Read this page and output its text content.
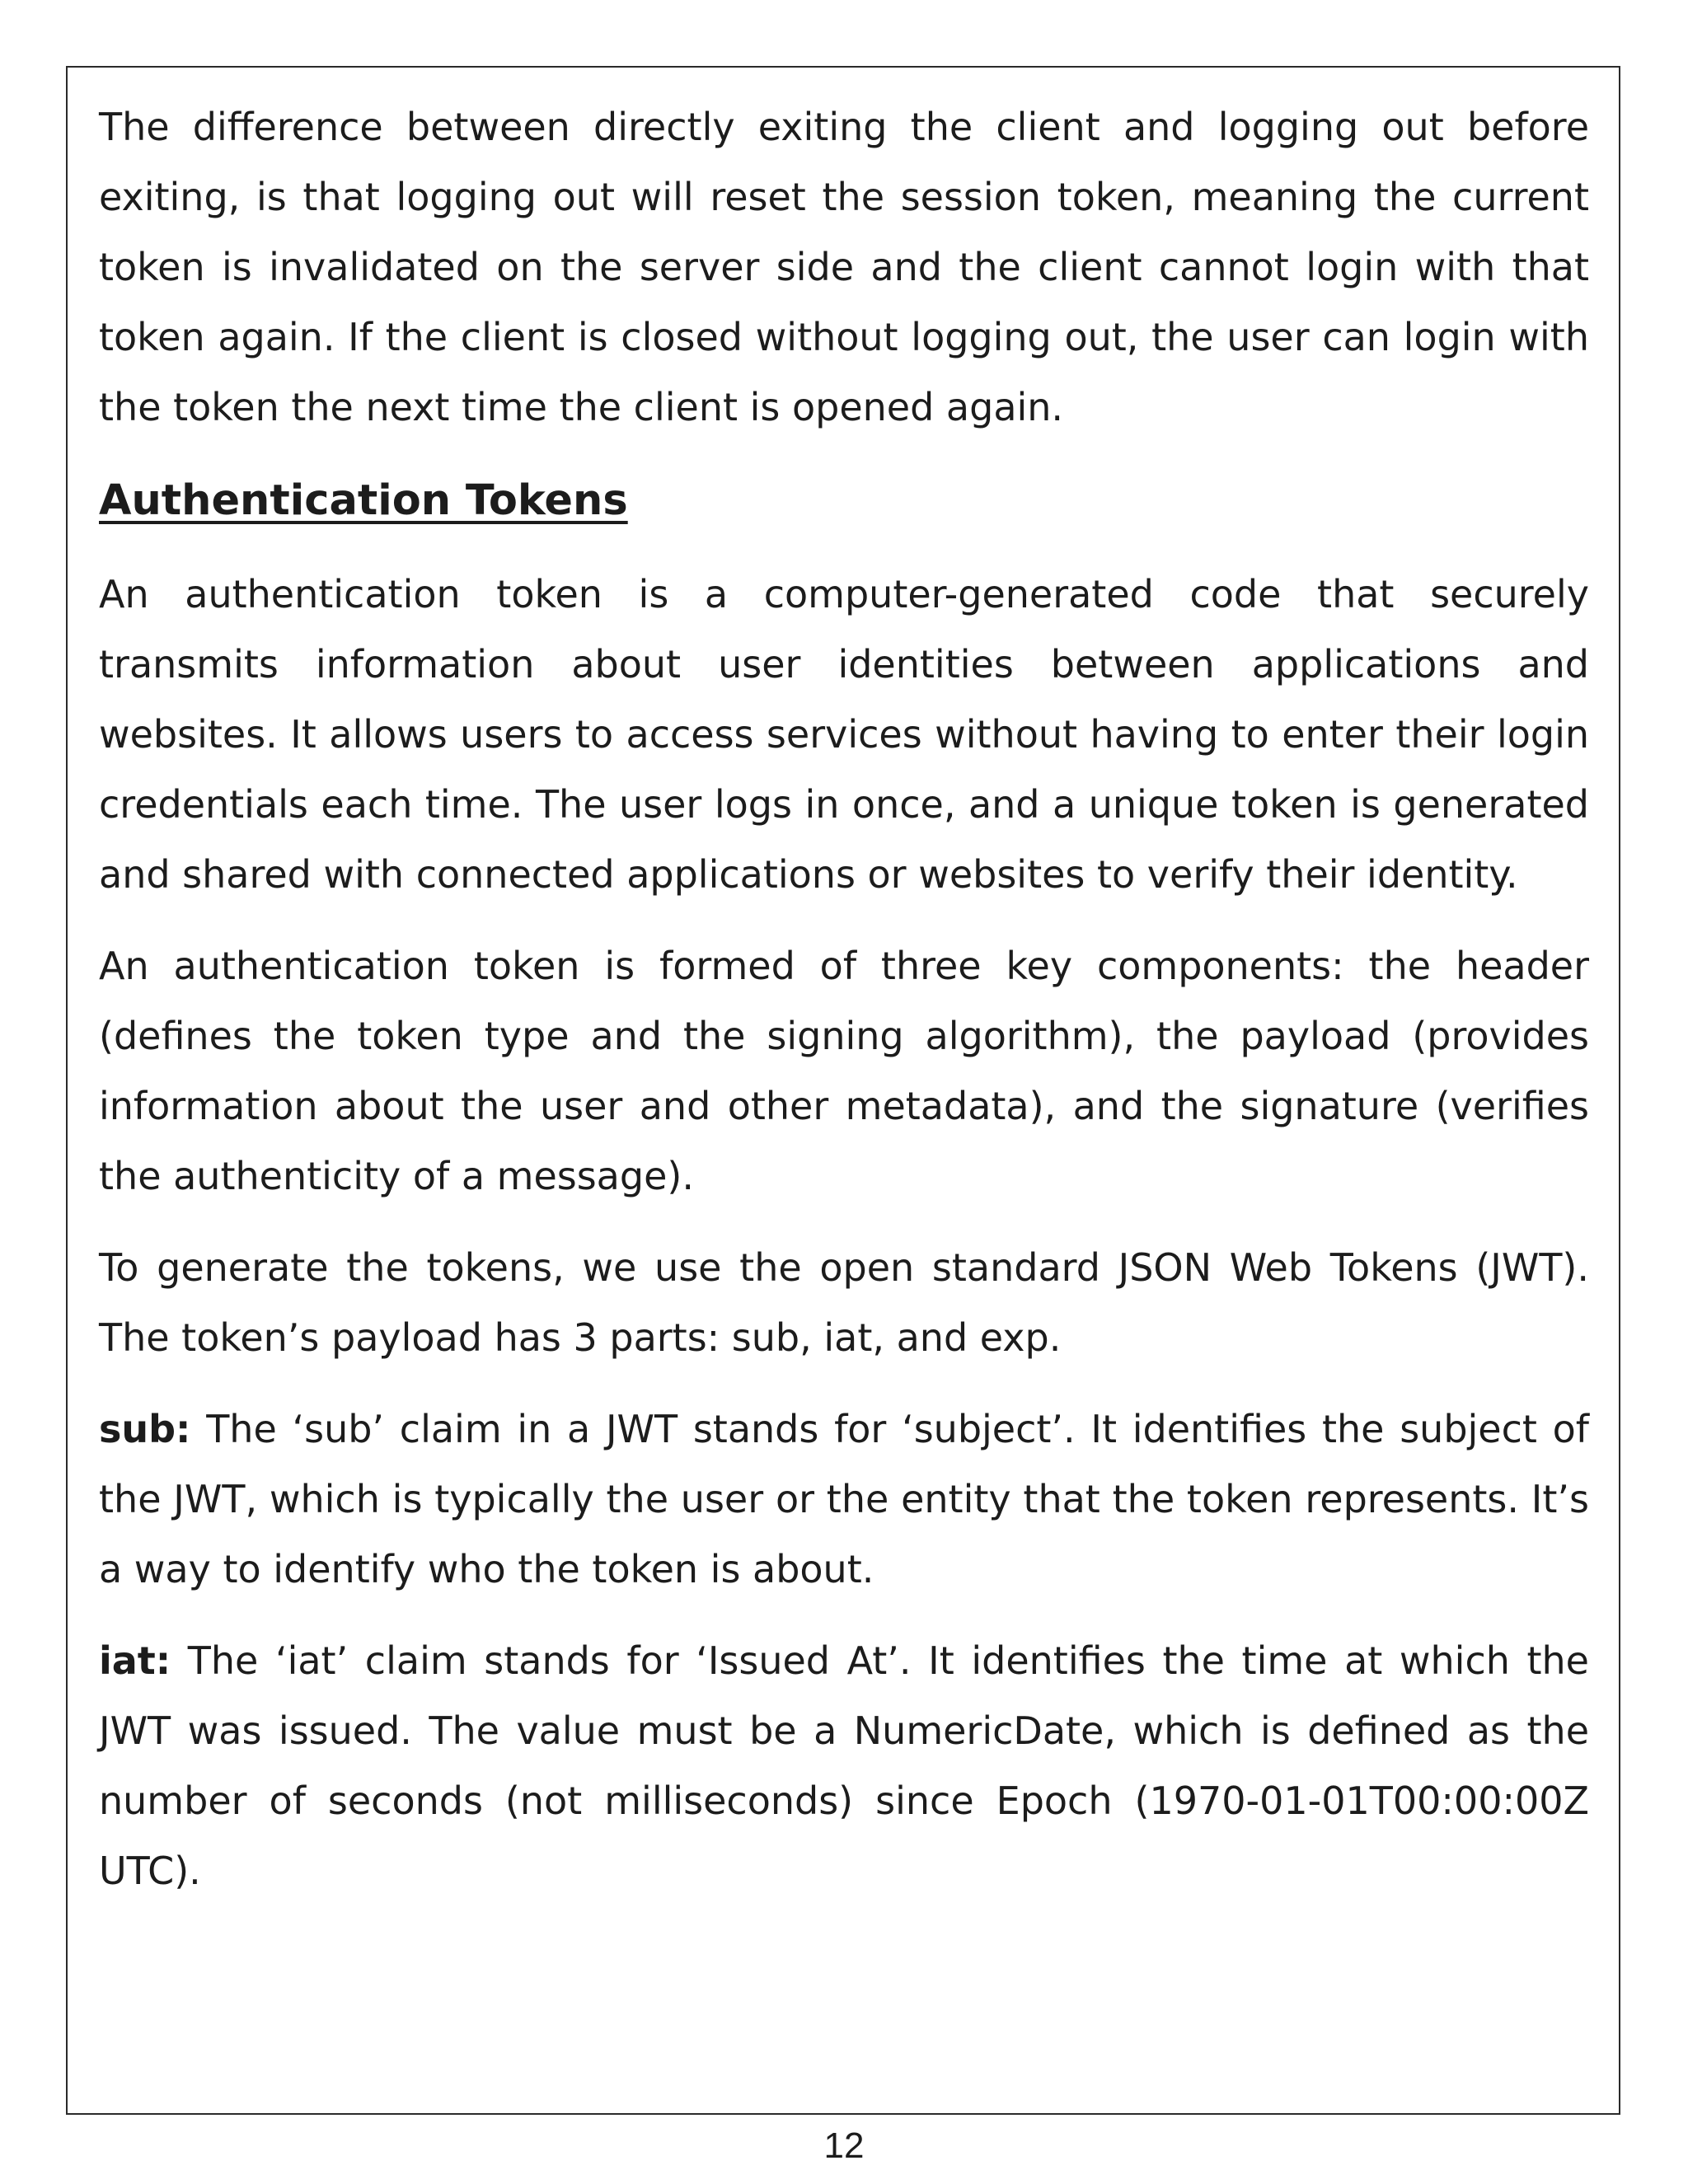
The difference between directly exiting the client and logging out before exiting, is that logging out will reset the session token, meaning the current token is invalidated on the server side and the client cannot login with that token again. If the client is closed without logging out, the user can login with the token the next time the client is opened again.

Authentication Tokens

An authentication token is a computer-generated code that securely transmits information about user identities between applications and websites. It allows users to access services without having to enter their login credentials each time. The user logs in once, and a unique token is generated and shared with connected applications or websites to verify their identity.

An authentication token is formed of three key components: the header (defines the token type and the signing algorithm), the payload (provides information about the user and other metadata), and the signature (verifies the authenticity of a message).

To generate the tokens, we use the open standard JSON Web Tokens (JWT). The token’s payload has 3 parts: sub, iat, and exp.

sub: The ‘sub’ claim in a JWT stands for ‘subject’. It identifies the subject of the JWT, which is typically the user or the entity that the token represents. It’s a way to identify who the token is about.

iat: The ‘iat’ claim stands for ‘Issued At’. It identifies the time at which the JWT was issued. The value must be a NumericDate, which is defined as the number of seconds (not milliseconds) since Epoch (1970-01-01T00:00:00Z UTC).

12
